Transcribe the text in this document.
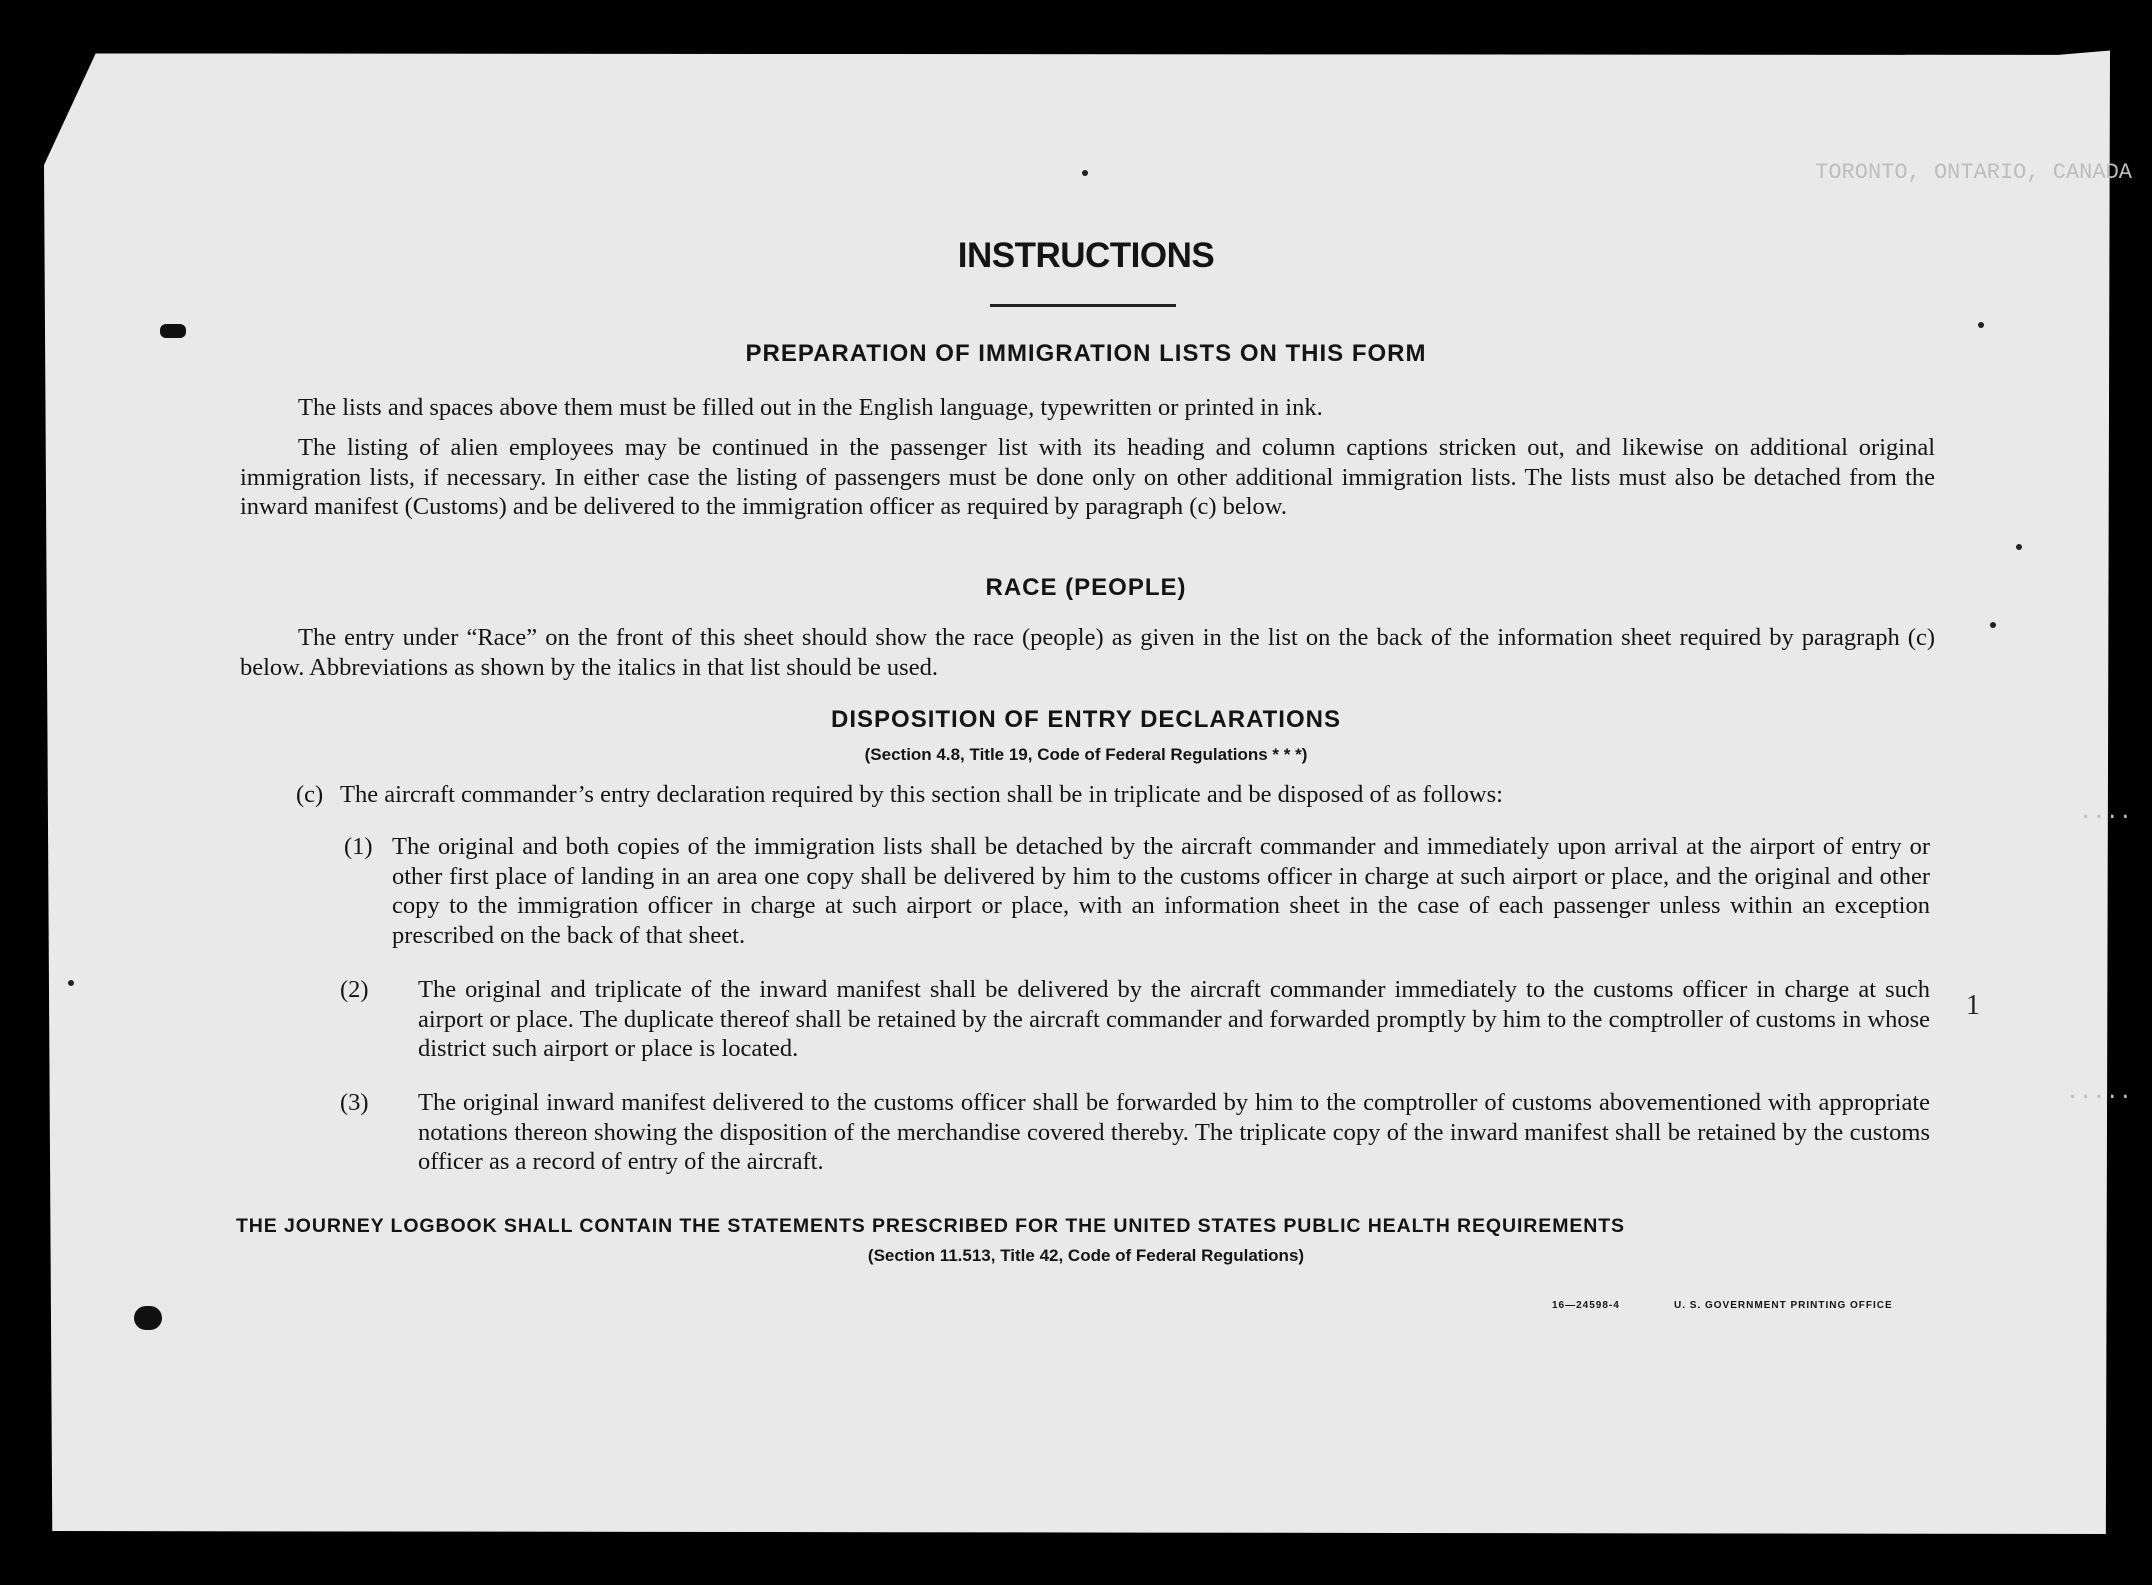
TORONTO, ONTARIO, CANADA
....
.....
INSTRUCTIONS
PREPARATION OF IMMIGRATION LISTS ON THIS FORM
The lists and spaces above them must be filled out in the English language, typewritten or printed in ink.
The listing of alien employees may be continued in the passenger list with its heading and column captions stricken out, and likewise on additional original immigration lists, if necessary. In either case the listing of passengers must be done only on other additional immigration lists. The lists must also be detached from the inward manifest (Customs) and be delivered to the immigration officer as required by paragraph (c) below.
RACE (PEOPLE)
The entry under “Race” on the front of this sheet should show the race (people) as given in the list on the back of the information sheet required by paragraph (c) below. Abbreviations as shown by the italics in that list should be used.
DISPOSITION OF ENTRY DECLARATIONS
(Section 4.8, Title 19, Code of Federal Regulations * * *)
(c) The aircraft commander’s entry declaration required by this section shall be in triplicate and be disposed of as follows:
(1) The original and both copies of the immigration lists shall be detached by the aircraft commander and immediately upon arrival at the airport of entry or other first place of landing in an area one copy shall be delivered by him to the customs officer in charge at such airport or place, and the original and other copy to the immigration officer in charge at such airport or place, with an information sheet in the case of each passenger unless within an exception prescribed on the back of that sheet.
(2)	The original and triplicate of the inward manifest shall be delivered by the aircraft commander immediately to the customs officer in charge at such airport or place. The duplicate thereof shall be retained by the aircraft commander and forwarded promptly by him to the comptroller of customs in whose district such airport or place is located.
(3)	The original inward manifest delivered to the customs officer shall be forwarded by him to the comptroller of customs abovementioned with appropriate notations thereon showing the disposition of the merchandise covered thereby. The triplicate copy of the inward manifest shall be retained by the customs officer as a record of entry of the aircraft.
THE JOURNEY LOGBOOK SHALL CONTAIN THE STATEMENTS PRESCRIBED FOR THE UNITED STATES PUBLIC HEALTH REQUIREMENTS
(Section 11.513, Title 42, Code of Federal Regulations)
16—24598-4	U. S. GOVERNMENT PRINTING OFFICE
1
